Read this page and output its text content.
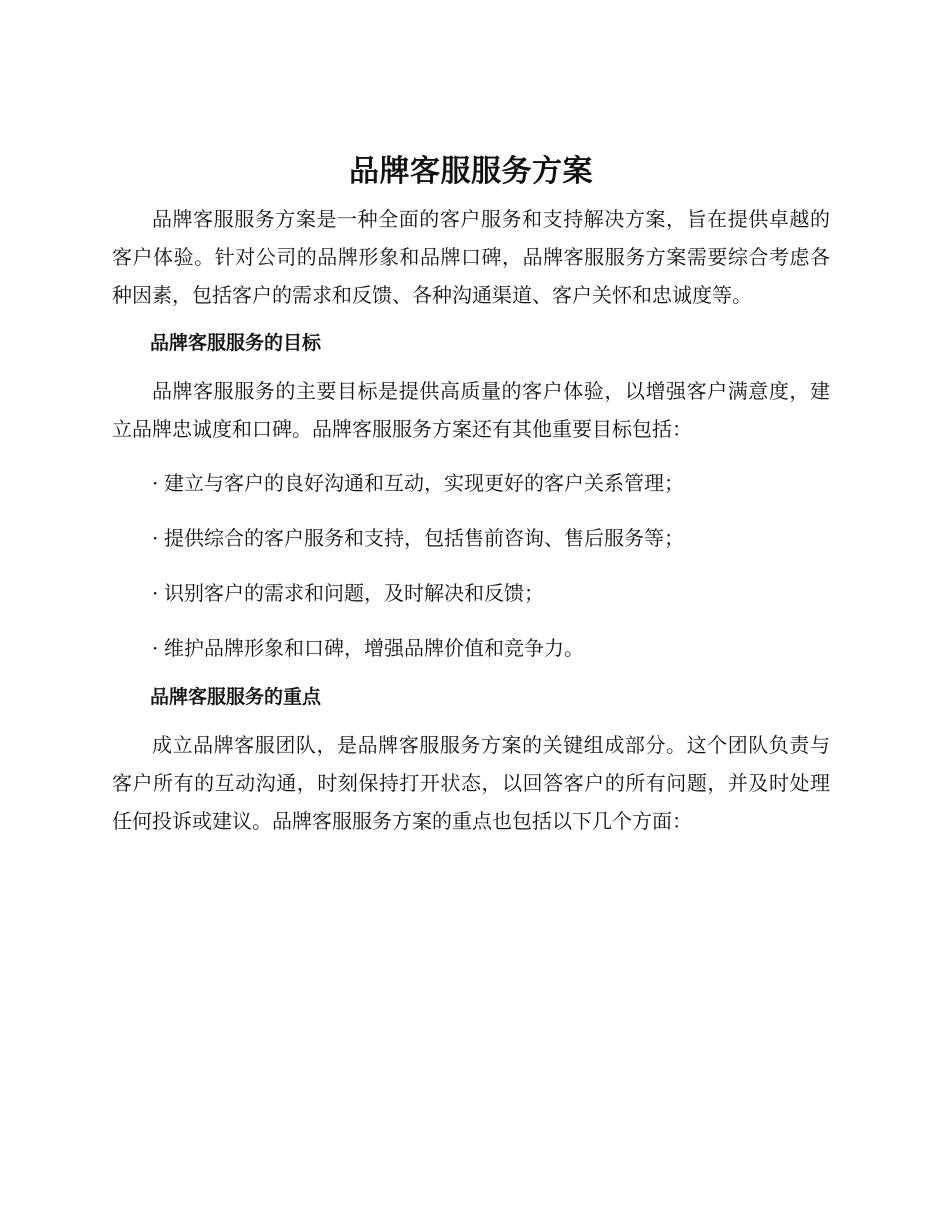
品牌客服服务方案

品牌客服服务方案是一种全面的客户服务和支持解决方案，旨在提供卓越的客户体验。针对公司的品牌形象和品牌口碑，品牌客服服务方案需要综合考虑各种因素，包括客户的需求和反馈、各种沟通渠道、客户关怀和忠诚度等。

品牌客服服务的目标

品牌客服服务的主要目标是提供高质量的客户体验，以增强客户满意度，建立品牌忠诚度和口碑。品牌客服服务方案还有其他重要目标包括：

· 建立与客户的良好沟通和互动，实现更好的客户关系管理；
· 提供综合的客户服务和支持，包括售前咨询、售后服务等；
· 识别客户的需求和问题，及时解决和反馈；
· 维护品牌形象和口碑，增强品牌价值和竞争力。
品牌客服服务的重点

成立品牌客服团队，是品牌客服服务方案的关键组成部分。这个团队负责与客户所有的互动沟通，时刻保持打开状态，以回答客户的所有问题，并及时处理任何投诉或建议。品牌客服服务方案的重点也包括以下几个方面：
